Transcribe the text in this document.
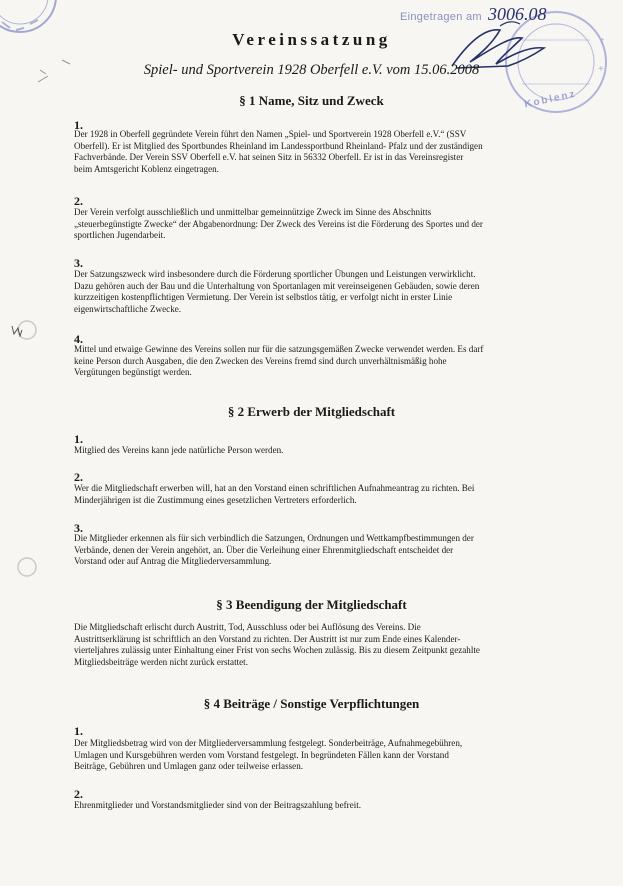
+
†
Eingetragen am 3006.08
Koblenz
Vereinssatzung
Spiel- und Sportverein 1928 Oberfell e.V. vom 15.06.2008
§ 1 Name, Sitz und Zweck
1.
Der 1928 in Oberfell gegründete Verein führt den Namen „Spiel- und Sportverein 1928 Oberfell e.V.“ (SSV
Oberfell). Er ist Mitglied des Sportbundes Rheinland im Landessportbund Rheinland- Pfalz und der zuständigen
Fachverbände. Der Verein SSV Oberfell e.V. hat seinen Sitz in 56332 Oberfell. Er ist in das Vereinsregister
beim Amtsgericht Koblenz eingetragen.
2.
Der Verein verfolgt ausschließlich und unmittelbar gemeinnützige Zweck im Sinne des Abschnitts
„steuerbegünstigte Zwecke“ der Abgabenordnung: Der Zweck des Vereins ist die Förderung des Sportes und der
sportlichen Jugendarbeit.
3.
Der Satzungszweck wird insbesondere durch die Förderung sportlicher Übungen und Leistungen verwirklicht.
Dazu gehören auch der Bau und die Unterhaltung von Sportanlagen mit vereinseigenen Gebäuden, sowie deren
kurzzeitigen kostenpflichtigen Vermietung. Der Verein ist selbstlos tätig, er verfolgt nicht in erster Linie
eigenwirtschaftliche Zwecke.
4.
Mittel und etwaige Gewinne des Vereins sollen nur für die satzungsgemäßen Zwecke verwendet werden. Es darf
keine Person durch Ausgaben, die den Zwecken des Vereins fremd sind durch unverhältnismäßig hohe
Vergütungen begünstigt werden.
§ 2 Erwerb der Mitgliedschaft
1.
Mitglied des Vereins kann jede natürliche Person werden.
2.
Wer die Mitgliedschaft erwerben will, hat an den Vorstand einen schriftlichen Aufnahmeantrag zu richten. Bei
Minderjährigen ist die Zustimmung eines gesetzlichen Vertreters erforderlich.
3.
Die Mitglieder erkennen als für sich verbindlich die Satzungen, Ordnungen und Wettkampfbestimmungen der
Verbände, denen der Verein angehört, an. Über die Verleihung einer Ehrenmitgliedschaft entscheidet der
Vorstand oder auf Antrag die Mitgliederversammlung.
§ 3 Beendigung der Mitgliedschaft
Die Mitgliedschaft erlischt durch Austritt, Tod, Ausschluss oder bei Auflösung des Vereins. Die
Austrittserklärung ist schriftlich an den Vorstand zu richten. Der Austritt ist nur zum Ende eines Kalender-
vierteljahres zulässig unter Einhaltung einer Frist von sechs Wochen zulässig. Bis zu diesem Zeitpunkt gezahlte
Mitgliedsbeiträge werden nicht zurück erstattet.
§ 4 Beiträge / Sonstige Verpflichtungen
1.
Der Mitgliedsbetrag wird von der Mitgliederversammlung festgelegt. Sonderbeiträge, Aufnahmegebühren,
Umlagen und Kursgebühren werden vom Vorstand festgelegt. In begründeten Fällen kann der Vorstand
Beiträge, Gebühren und Umlagen ganz oder teilweise erlassen.
2.
Ehrenmitglieder und Vorstandsmitglieder sind von der Beitragszahlung befreit.
